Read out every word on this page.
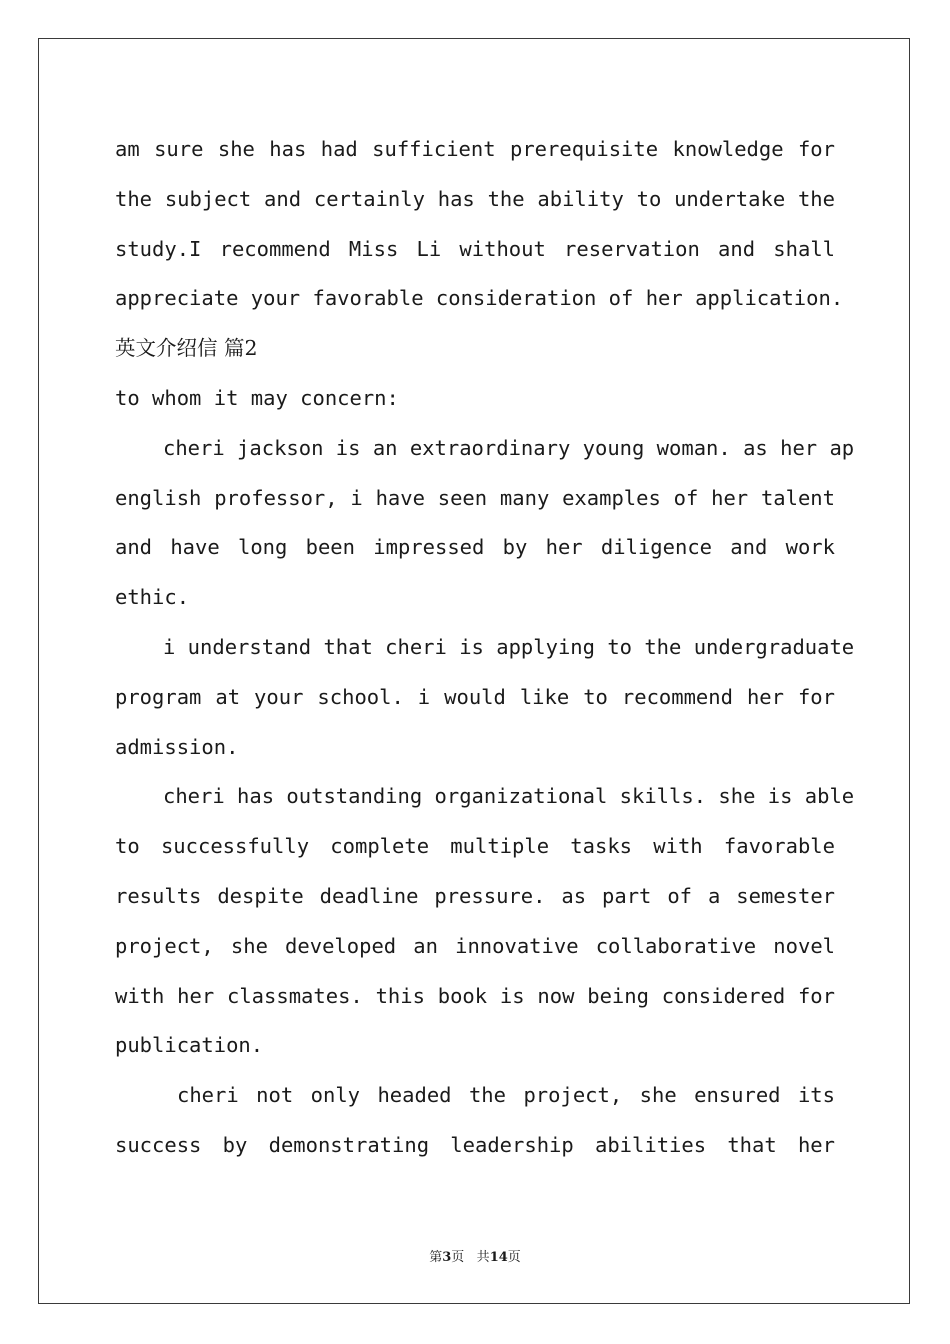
am sure she has had sufficient prerequisite knowledge for
the subject and certainly has the ability to undertake the
study.I recommend Miss Li without reservation and shall
appreciate your favorable consideration of her application.
英文介绍信 篇2
to whom it may concern:
cheri jackson is an extraordinary young woman. as her ap
english professor, i have seen many examples of her talent
and have long been impressed by her diligence and work
ethic.
i understand that cheri is applying to the undergraduate
program at your school. i would like to recommend her for
admission.
cheri has outstanding organizational skills. she is able
to successfully complete multiple tasks with favorable
results despite deadline pressure. as part of a semester
project, she developed an innovative collaborative novel
with her classmates. this book is now being considered for
publication.
cheri not only headed the project, she ensured its
success by demonstrating leadership abilities that her
第3页 共14页
